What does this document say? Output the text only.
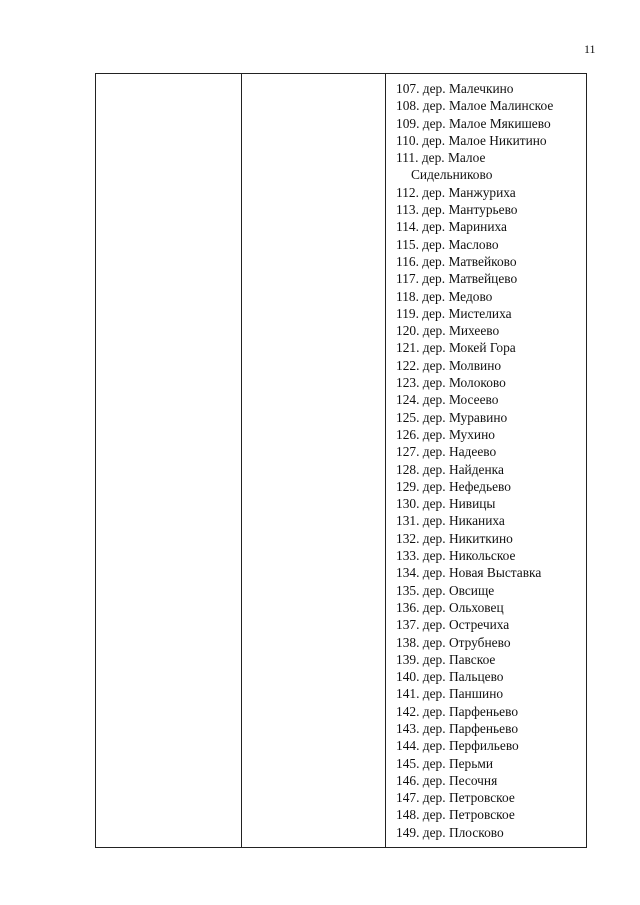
11
107. дер. Малечкино
108. дер. Малое Малинское
109. дер. Малое Мякишево
110. дер. Малое Никитино
111. дер. Малое
Сидельниково
112. дер. Манжуриха
113. дер. Мантурьево
114. дер. Мариниха
115. дер. Маслово
116. дер. Матвейково
117. дер. Матвейцево
118. дер. Медово
119. дер. Мистелиха
120. дер. Михеево
121. дер. Мокей Гора
122. дер. Молвино
123. дер. Молоково
124. дер. Мосеево
125. дер. Муравино
126. дер. Мухино
127. дер. Надеево
128. дер. Найденка
129. дер. Нефедьево
130. дер. Нивицы
131. дер. Никаниха
132. дер. Никиткино
133. дер. Никольское
134. дер. Новая Выставка
135. дер. Овсище
136. дер. Ольховец
137. дер. Остречиха
138. дер. Отрубнево
139. дер. Павское
140. дер. Пальцево
141. дер. Паншино
142. дер. Парфеньево
143. дер. Парфеньево
144. дер. Перфильево
145. дер. Перьми
146. дер. Песочня
147. дер. Петровское
148. дер. Петровское
149. дер. Плосково
